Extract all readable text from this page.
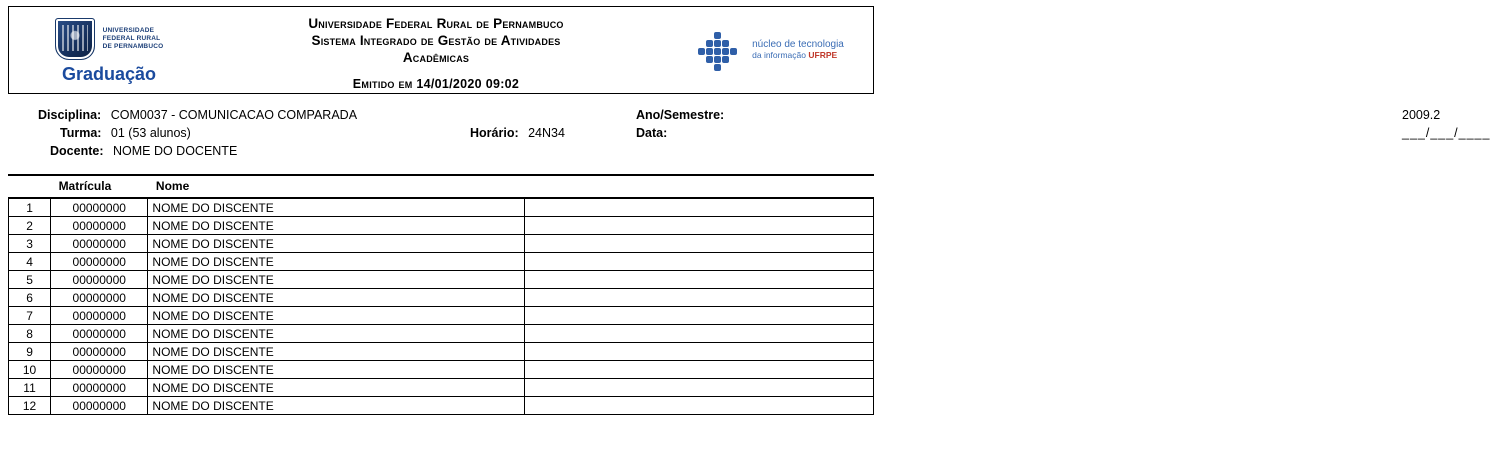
UNIVERSIDADE
FEDERAL RURAL
DE PERNAMBUCO
Graduação
Universidade Federal Rural de Pernambuco
Sistema Integrado de Gestão de Atividades
Acadêmicas
Emitido em 14/01/2020 09:02
núcleo de tecnologia
da informação UFRPE
Disciplina: COM0037 - COMUNICACAO COMPARADA
Turma: 01 (53 alunos)
Docente: NOME DO DOCENTE
Horário: 24N34
Ano/Semestre:	2009.2
Data:	___/___/____
	Matrícula	Nome	
1	00000000	NOME DO DISCENTE	
2	00000000	NOME DO DISCENTE	
3	00000000	NOME DO DISCENTE	
4	00000000	NOME DO DISCENTE	
5	00000000	NOME DO DISCENTE	
6	00000000	NOME DO DISCENTE	
7	00000000	NOME DO DISCENTE	
8	00000000	NOME DO DISCENTE	
9	00000000	NOME DO DISCENTE	
10	00000000	NOME DO DISCENTE	
11	00000000	NOME DO DISCENTE	
12	00000000	NOME DO DISCENTE	
